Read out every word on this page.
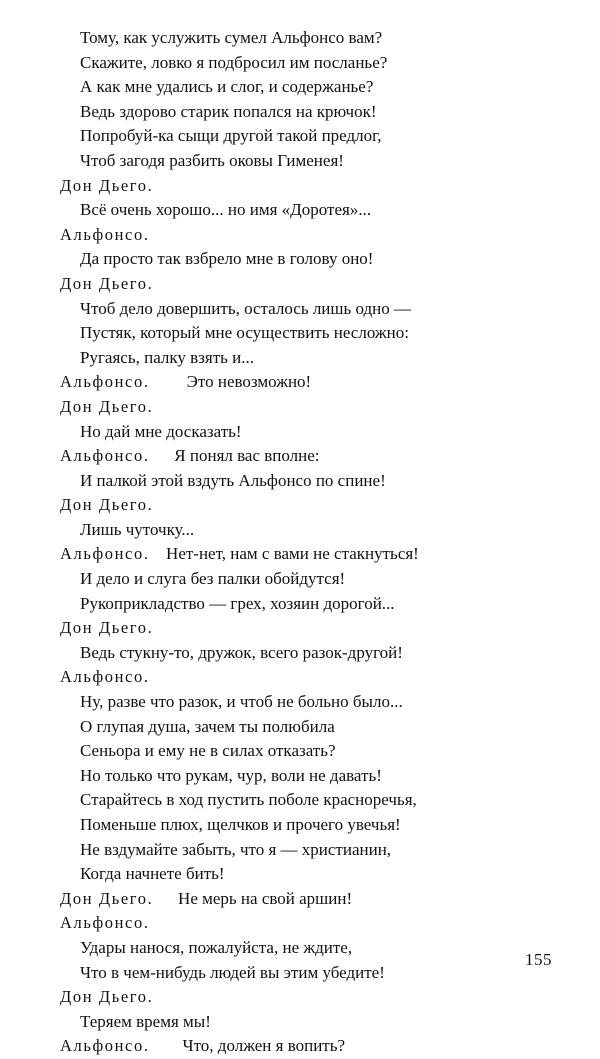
Тому, как услужить сумел Альфонсо вам?
Скажите, ловко я подбросил им посланье?
А как мне удались и слог, и содержанье?
Ведь здорово старик попался на крючок!
Попробуй-ка сыщи другой такой предлог,
Чтоб загодя разбить оковы Гименея!
Дон Дьего.
Всё очень хорошо... но имя «Доротея»...
Альфонсо.
Да просто так взбрело мне в голову оно!
Дон Дьего.
Чтоб дело довершить, осталось лишь одно —
Пустяк, который мне осуществить несложно:
Ругаясь, палку взять и...
Альфонсо. Это невозможно!
Дон Дьего.
Но дай мне досказать!
Альфонсо. Я понял вас вполне:
И палкой этой вздуть Альфонсо по спине!
Дон Дьего.
Лишь чуточку...
Альфонсо. Нет-нет, нам с вами не стакнуться!
И дело и слуга без палки обойдутся!
Рукоприкладство — грех, хозяин дорогой...
Дон Дьего.
Ведь стукну-то, дружок, всего разок-другой!
Альфонсо.
Ну, разве что разок, и чтоб не больно было...
О глупая душа, зачем ты полюбила
Сеньора и ему не в силах отказать?
Но только что рукам, чур, воли не давать!
Старайтесь в ход пустить поболе красноречья,
Поменьше плюх, щелчков и прочего увечья!
Не вздумайте забыть, что я — христианин,
Когда начнете бить!
Дон Дьего. Не мерь на свой аршин!
Альфонсо.
Удары нанося, пожалуйста, не ждите,
Что в чем-нибудь людей вы этим убедите!
Дон Дьего.
Теряем время мы!
Альфонсо. Что, должен я вопить?
155
